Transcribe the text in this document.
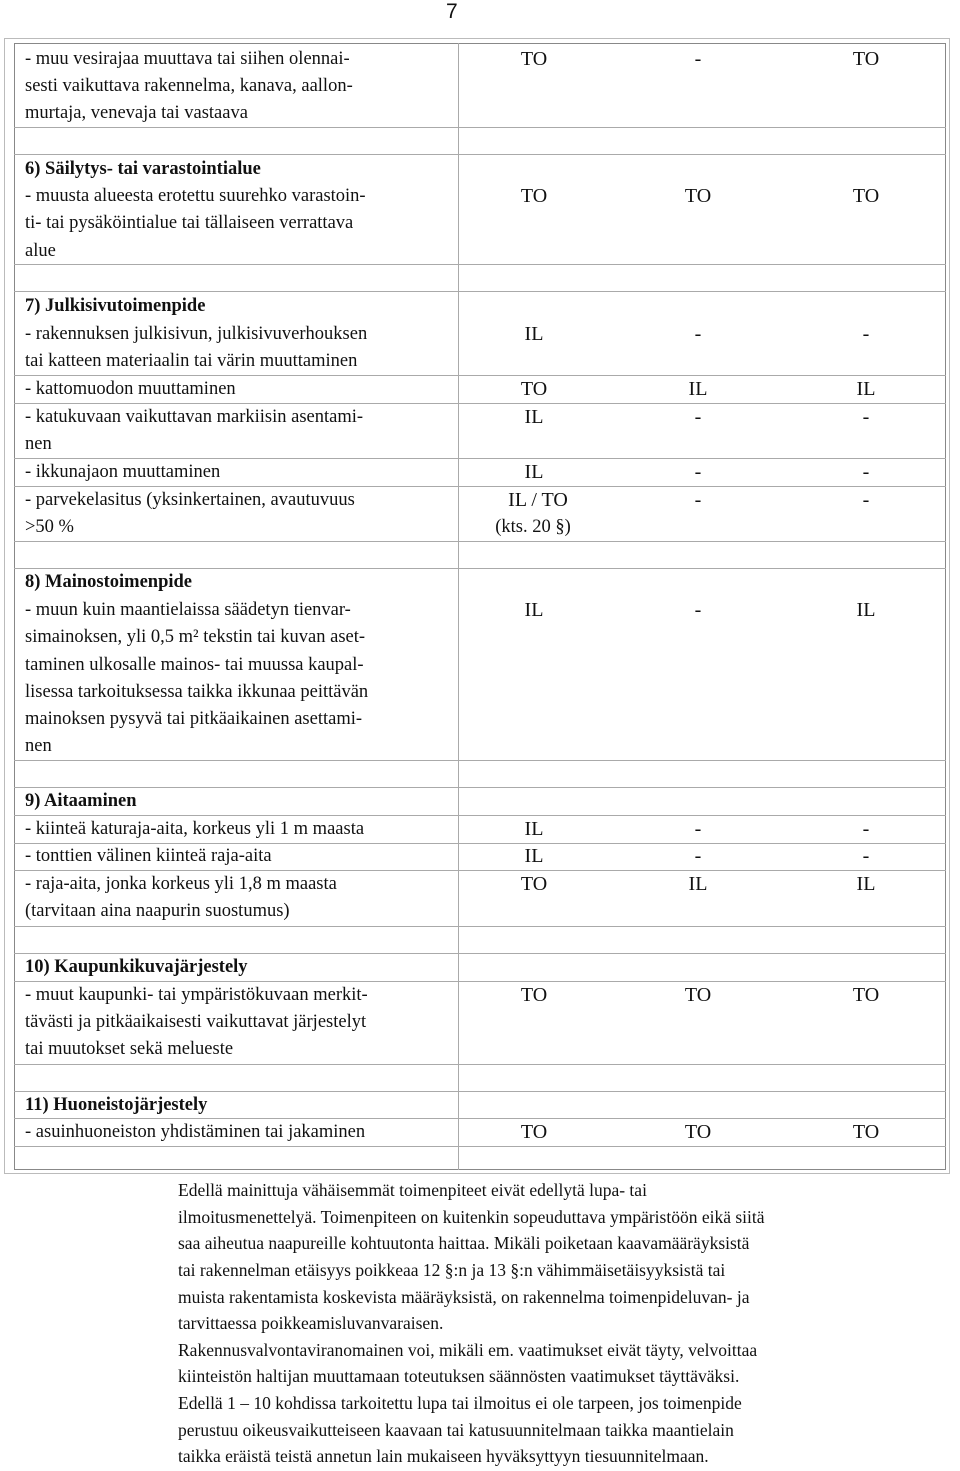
7
- muu vesirajaa muuttava tai siihen olennai-
sesti vaikuttava rakennelma, kanava, aallon-
murtaja, venevaja tai vastaava
TO	-	TO
6) Säilytys- tai varastointialue
- muusta alueesta erotettu suurehko varastoin-
ti- tai pysäköintialue tai tällaiseen verrattava
alue
TO	TO	TO
7) Julkisivutoimenpide
- rakennuksen julkisivun, julkisivuverhouksen
tai katteen materiaalin tai värin muuttaminen
IL	-	-
- kattomuodon muuttaminen	TO	IL	IL
- katukuvaan vaikuttavan markiisin asentami-
nen
IL	-	-
- ikkunajaon muuttaminen	IL	-	-
- parvekelasitus (yksinkertainen, avautuvuus
>50 %
IL / TO
(kts. 20 §)
-	-
8) Mainostoimenpide
- muun kuin maantielaissa säädetyn tienvar-
simainoksen, yli 0,5 m² tekstin tai kuvan aset-
taminen ulkosalle mainos- tai muussa kaupal-
lisessa tarkoituksessa taikka ikkunaa peittävän
mainoksen pysyvä tai pitkäaikainen asettami-
nen
IL	-	IL
9) Aitaaminen
- kiinteä katuraja-aita, korkeus yli 1 m maasta	IL	-	-
- tonttien välinen kiinteä raja-aita	IL	-	-
- raja-aita, jonka korkeus yli 1,8 m maasta
(tarvitaan aina naapurin suostumus)
TO	IL	IL
10) Kaupunkikuvajärjestely
- muut kaupunki- tai ympäristökuvaan merkit-
tävästi ja pitkäaikaisesti vaikuttavat järjestelyt
tai muutokset sekä melueste
TO	TO	TO
11) Huoneistojärjestely
- asuinhuoneiston yhdistäminen tai jakaminen	TO	TO	TO
Edellä mainittuja vähäisemmät toimenpiteet eivät edellytä lupa- tai
ilmoitusmenettelyä. Toimenpiteen on kuitenkin sopeuduttava ympäristöön eikä siitä
saa aiheutua naapureille kohtuutonta haittaa. Mikäli poiketaan kaavamääräyksistä
tai rakennelman etäisyys poikkeaa 12 §:n ja 13 §:n vähimmäisetäisyyksistä tai
muista rakentamista koskevista määräyksistä, on rakennelma toimenpideluvan- ja
tarvittaessa poikkeamisluvanvaraisen.
Rakennusvalvontaviranomainen voi, mikäli em. vaatimukset eivät täyty, velvoittaa
kiinteistön haltijan muuttamaan toteutuksen säännösten vaatimukset täyttäväksi.
Edellä 1 – 10 kohdissa tarkoitettu lupa tai ilmoitus ei ole tarpeen, jos toimenpide
perustuu oikeusvaikutteiseen kaavaan tai katusuunnitelmaan taikka maantielain
taikka eräistä teistä annetun lain mukaiseen hyväksyttyyn tiesuunnitelmaan.
